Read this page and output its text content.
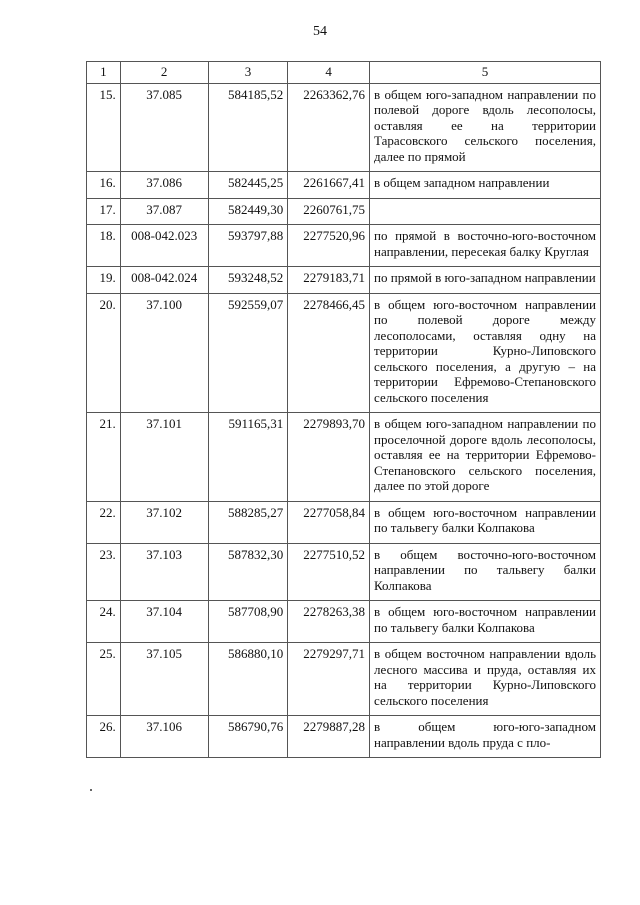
54
1	2	3	4	5
15.	37.085	584185,52	2263362,76	в общем юго-западном направлении по полевой дороге вдоль лесополосы, оставляя ее на территории Тарасовского сельского поселения, далее по прямой
16.	37.086	582445,25	2261667,41	в общем западном направлении
17.	37.087	582449,30	2260761,75	
18.	008-042.023	593797,88	2277520,96	по прямой в восточно-юго-восточном направлении, пересекая балку Круглая
19.	008-042.024	593248,52	2279183,71	по прямой в юго-западном направлении
20.	37.100	592559,07	2278466,45	в общем юго-восточном направлении по полевой дороге между лесополосами, оставляя одну на территории Курно-Липовского сельского поселения, а другую – на территории Ефремово-Степановского сельского поселения
21.	37.101	591165,31	2279893,70	в общем юго-западном направлении по проселочной дороге вдоль лесополосы, оставляя ее на территории Ефремово-Степановского сельского поселения, далее по этой дороге
22.	37.102	588285,27	2277058,84	в общем юго-восточном направлении по тальвегу балки Колпакова
23.	37.103	587832,30	2277510,52	в общем восточно-юго-восточном направлении по тальвегу балки Колпакова
24.	37.104	587708,90	2278263,38	в общем юго-восточном направлении по тальвегу балки Колпакова
25.	37.105	586880,10	2279297,71	в общем восточном направлении вдоль лесного массива и пруда, оставляя их на территории Курно-Липовского сельского поселения
26.	37.106	586790,76	2279887,28	в общем юго-юго-западном направлении вдоль пруда с пло-
